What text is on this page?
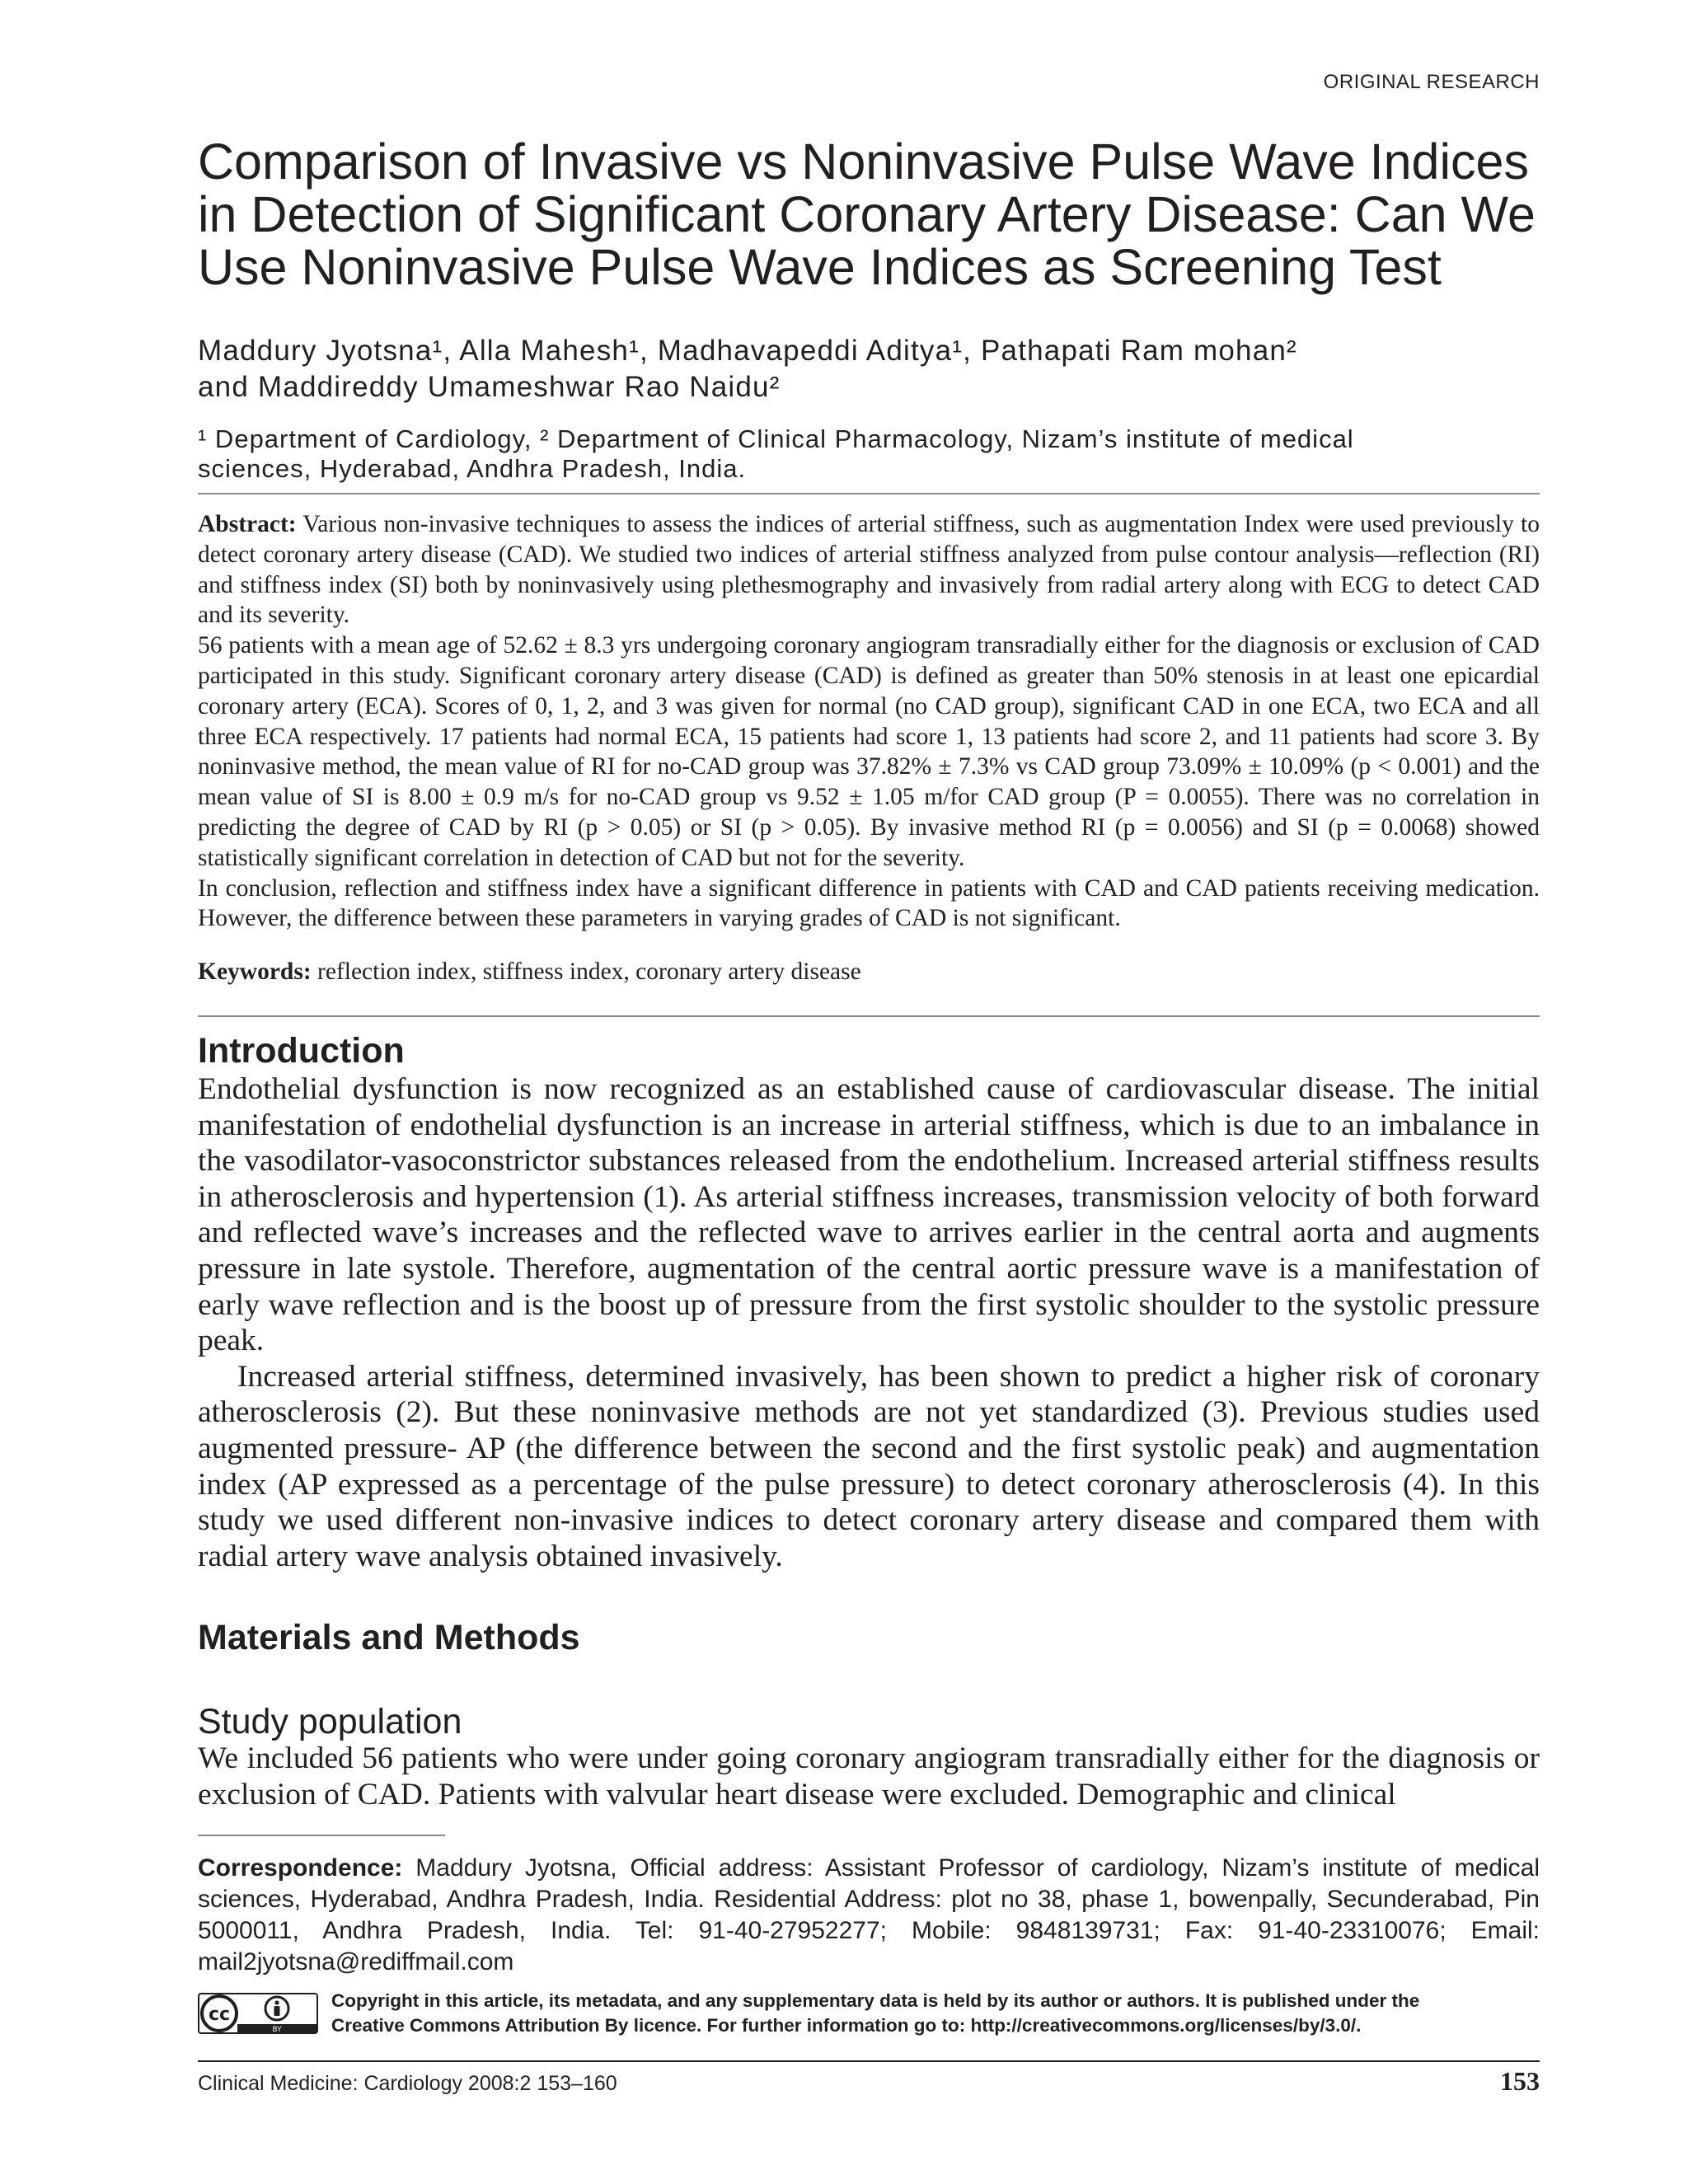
ORIGINAL RESEARCH
Comparison of Invasive vs Noninvasive Pulse Wave Indices
in Detection of Significant Coronary Artery Disease: Can We
Use Noninvasive Pulse Wave Indices as Screening Test
Maddury Jyotsna¹, Alla Mahesh¹, Madhavapeddi Aditya¹, Pathapati Ram mohan²
and Maddireddy Umameshwar Rao Naidu²
¹ Department of Cardiology, ² Department of Clinical Pharmacology, Nizam’s institute of medical
sciences, Hyderabad, Andhra Pradesh, India.

Abstract: Various non-invasive techniques to assess the indices of arterial stiffness, such as augmentation Index were used previously to detect coronary artery disease (CAD). We studied two indices of arterial stiffness analyzed from pulse contour analysis—reflection (RI) and stiffness index (SI) both by noninvasively using plethesmography and invasively from radial artery along with ECG to detect CAD and its severity.

56 patients with a mean age of 52.62 ± 8.3 yrs undergoing coronary angiogram transradially either for the diagnosis or exclusion of CAD participated in this study. Significant coronary artery disease (CAD) is defined as greater than 50% stenosis in at least one epicardial coronary artery (ECA). Scores of 0, 1, 2, and 3 was given for normal (no CAD group), significant CAD in one ECA, two ECA and all three ECA respectively. 17 patients had normal ECA, 15 patients had score 1, 13 patients had score 2, and 11 patients had score 3. By noninvasive method, the mean value of RI for no-CAD group was 37.82% ± 7.3% vs CAD group 73.09% ± 10.09% (p < 0.001) and the mean value of SI is 8.00 ± 0.9 m/s for no-CAD group vs 9.52 ± 1.05 m/for CAD group (P = 0.0055). There was no correlation in predicting the degree of CAD by RI (p > 0.05) or SI (p > 0.05). By invasive method RI (p = 0.0056) and SI (p = 0.0068) showed statistically significant correlation in detection of CAD but not for the severity.

In conclusion, reflection and stiffness index have a significant difference in patients with CAD and CAD patients receiving medication. However, the difference between these parameters in varying grades of CAD is not significant.

Keywords: reflection index, stiffness index, coronary artery disease
Introduction

Endothelial dysfunction is now recognized as an established cause of cardiovascular disease. The initial manifestation of endothelial dysfunction is an increase in arterial stiffness, which is due to an imbalance in the vasodilator-vasoconstrictor substances released from the endothelium. Increased arterial stiffness results in atherosclerosis and hypertension (1). As arterial stiffness increases, transmission velocity of both forward and reflected wave’s increases and the reflected wave to arrives earlier in the central aorta and augments pressure in late systole. Therefore, augmentation of the central aortic pressure wave is a manifestation of early wave reflection and is the boost up of pressure from the first systolic shoulder to the systolic pressure peak.

Increased arterial stiffness, determined invasively, has been shown to predict a higher risk of coronary atherosclerosis (2). But these noninvasive methods are not yet standardized (3). Previous studies used augmented pressure- AP (the difference between the second and the first systolic peak) and augmentation index (AP expressed as a percentage of the pulse pressure) to detect coronary atherosclerosis (4). In this study we used different non-invasive indices to detect coronary artery disease and compared them with radial artery wave analysis obtained invasively.

Materials and Methods
Study population

We included 56 patients who were under going coronary angiogram transradially either for the diagnosis or exclusion of CAD. Patients with valvular heart disease were excluded. Demographic and clinical

Correspondence: Maddury Jyotsna, Official address: Assistant Professor of cardiology, Nizam’s institute of medical sciences, Hyderabad, Andhra Pradesh, India. Residential Address: plot no 38, phase 1, bowenpally, Secunderabad, Pin 5000011, Andhra Pradesh, India. Tel: 91-40-27952277; Mobile: 9848139731; Fax: 91-40-23310076; Email: mail2jyotsna@rediffmail.com
cc
BY
Copyright in this article, its metadata, and any supplementary data is held by its author or authors. It is published under the
Creative Commons Attribution By licence. For further information go to: http://creativecommons.org/licenses/by/3.0/.
Clinical Medicine: Cardiology 2008:2 153–160	153
